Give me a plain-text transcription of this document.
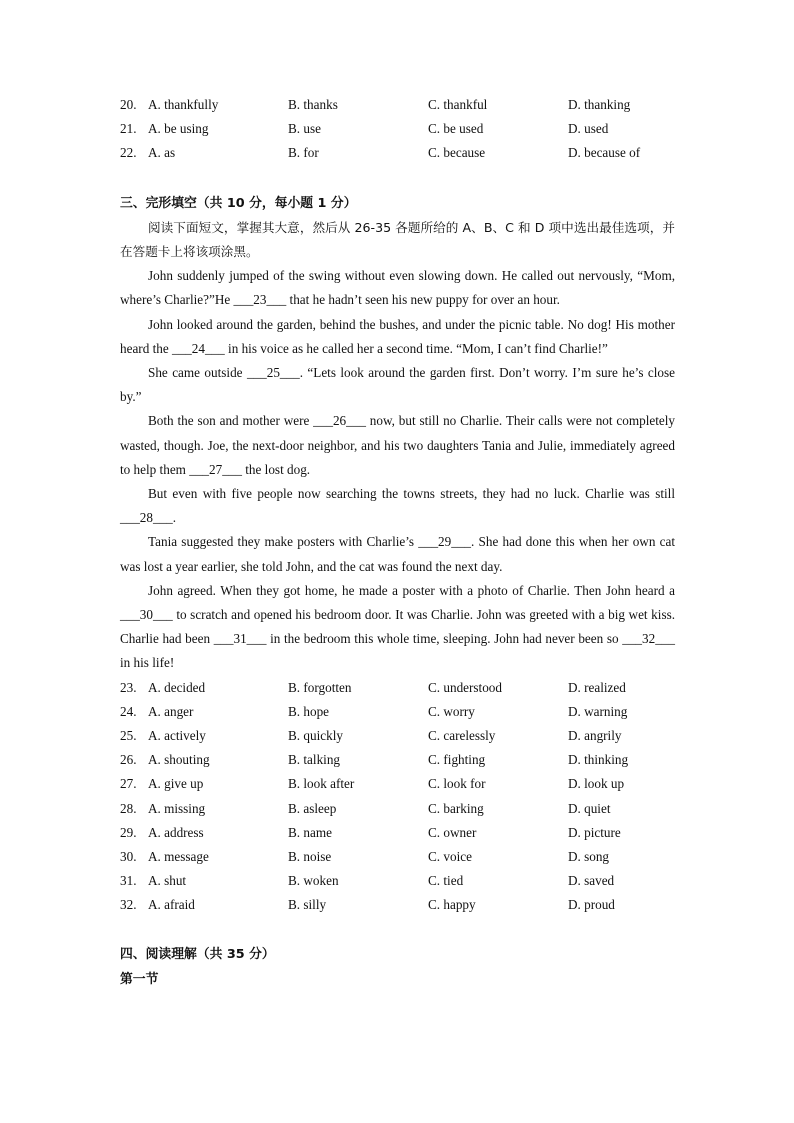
20. A. thankfully	B. thanks	C. thankful	D. thanking
21. A. be using	B. use	C. be used	D. used
22. A. as	B. for	C. because	D. because of
三、完形填空（共 10 分，每小题 1 分）

阅读下面短文，掌握其大意，然后从 26-35 各题所给的 A、B、C 和 D 项中选出最佳选项，并在答题卡上将该项涂黑。

John suddenly jumped of the swing without even slowing down. He called out nervously, “Mom, where’s Charlie?”He ___23___ that he hadn’t seen his new puppy for over an hour.

John looked around the garden, behind the bushes, and under the picnic table. No dog! His mother heard the ___24___ in his voice as he called her a second time. “Mom, I can’t find Charlie!”

She came outside ___25___. “Lets look around the garden first. Don’t worry. I’m sure he’s close by.”

Both the son and mother were ___26___ now, but still no Charlie. Their calls were not completely wasted, though. Joe, the next-door neighbor, and his two daughters Tania and Julie, immediately agreed to help them ___27___ the lost dog.

But even with five people now searching the towns streets, they had no luck. Charlie was still ___28___.

Tania suggested they make posters with Charlie’s ___29___. She had done this when her own cat was lost a year earlier, she told John, and the cat was found the next day.

John agreed. When they got home, he made a poster with a photo of Charlie. Then John heard a ___30___ to scratch and opened his bedroom door. It was Charlie. John was greeted with a big wet kiss. Charlie had been ___31___ in the bedroom this whole time, sleeping. John had never been so ___32___ in his life!

23. A. decided	B. forgotten	C. understood	D. realized
24. A. anger	B. hope	C. worry	D. warning
25. A. actively	B. quickly	C. carelessly	D. angrily
26. A. shouting	B. talking	C. fighting	D. thinking
27. A. give up	B. look after	C. look for	D. look up
28. A. missing	B. asleep	C. barking	D. quiet
29. A. address	B. name	C. owner	D. picture
30. A. message	B. noise	C. voice	D. song
31. A. shut	B. woken	C. tied	D. saved
32. A. afraid	B. silly	C. happy	D. proud
四、阅读理解（共 35 分）
第一节
